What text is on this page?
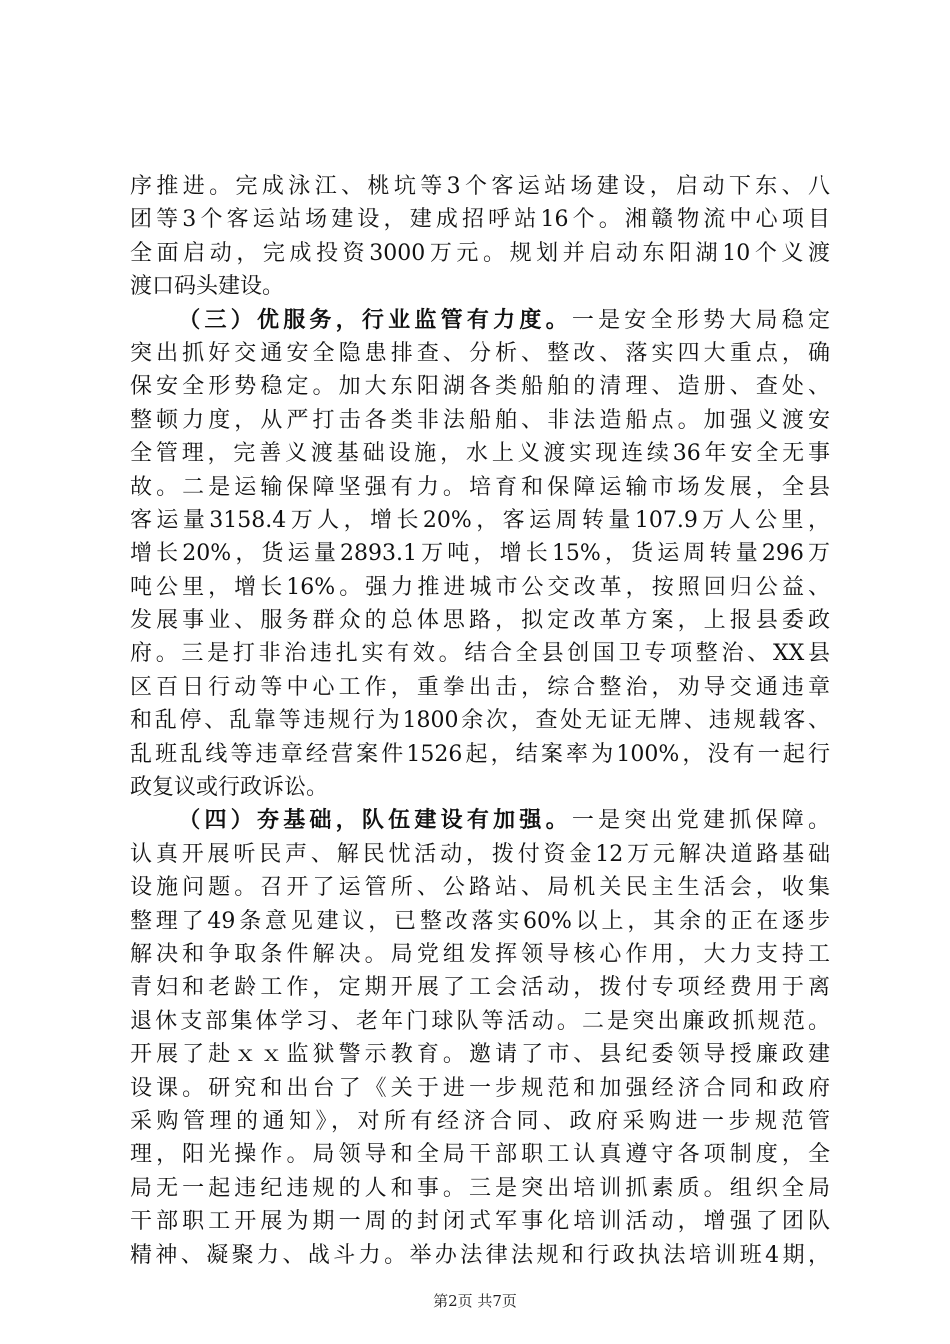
序推进。完成泳江、桃坑等3个客运站场建设，启动下东、八
团等3个客运站场建设，建成招呼站16个。湘赣物流中心项目
全面启动，完成投资3000万元。规划并启动东阳湖10个义渡
渡口码头建设。
（三）优服务，行业监管有力度。一是安全形势大局稳定
突出抓好交通安全隐患排查、分析、整改、落实四大重点，确
保安全形势稳定。加大东阳湖各类船舶的清理、造册、查处、
整顿力度，从严打击各类非法船舶、非法造船点。加强义渡安
全管理，完善义渡基础设施，水上义渡实现连续36年安全无事
故。二是运输保障坚强有力。培育和保障运输市场发展，全县
客运量3158.4万人，增长20%，客运周转量107.9万人公里，
增长20%，货运量2893.1万吨，增长15%，货运周转量296万
吨公里，增长16%。强力推进城市公交改革，按照回归公益、
发展事业、服务群众的总体思路，拟定改革方案，上报县委政
府。三是打非治违扎实有效。结合全县创国卫专项整治、XX县
区百日行动等中心工作，重拳出击，综合整治，劝导交通违章
和乱停、乱靠等违规行为1800余次，查处无证无牌、违规载客、
乱班乱线等违章经营案件1526起，结案率为100%，没有一起行
政复议或行政诉讼。
（四）夯基础，队伍建设有加强。一是突出党建抓保障。
认真开展听民声、解民忧活动，拨付资金12万元解决道路基础
设施问题。召开了运管所、公路站、局机关民主生活会，收集
整理了49条意见建议，已整改落实60%以上，其余的正在逐步
解决和争取条件解决。局党组发挥领导核心作用，大力支持工
青妇和老龄工作，定期开展了工会活动，拨付专项经费用于离
退休支部集体学习、老年门球队等活动。二是突出廉政抓规范。
开展了赴ｘｘ监狱警示教育。邀请了市、县纪委领导授廉政建
设课。研究和出台了《关于进一步规范和加强经济合同和政府
采购管理的通知》，对所有经济合同、政府采购进一步规范管
理，阳光操作。局领导和全局干部职工认真遵守各项制度，全
局无一起违纪违规的人和事。三是突出培训抓素质。组织全局
干部职工开展为期一周的封闭式军事化培训活动，增强了团队
精神、凝聚力、战斗力。举办法律法规和行政执法培训班4期，
第2页 共7页
